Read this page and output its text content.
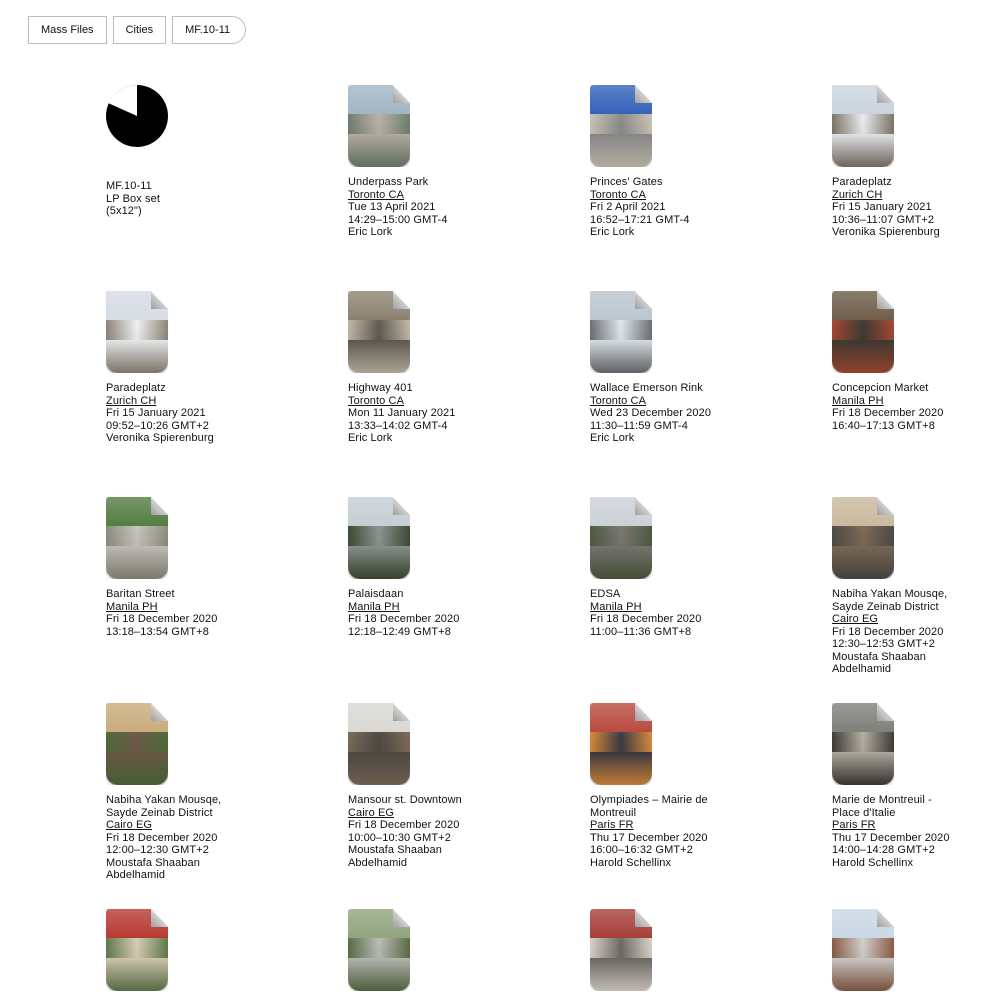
Mass Files	Cities	MF.10-11
MF.10-11
LP Box set
(5x12")
Underpass Park
Toronto CA
Tue 13 April 2021
14:29–15:00 GMT-4
Eric Lork
Princes' Gates
Toronto CA
Fri 2 April 2021
16:52–17:21 GMT-4
Eric Lork
Paradeplatz
Zurich CH
Fri 15 January 2021
10:36–11:07 GMT+2
Veronika Spierenburg
Paradeplatz
Zurich CH
Fri 15 January 2021
09:52–10:26 GMT+2
Veronika Spierenburg
Highway 401
Toronto CA
Mon 11 January 2021
13:33–14:02 GMT-4
Eric Lork
Wallace Emerson Rink
Toronto CA
Wed 23 December 2020
11:30–11:59 GMT-4
Eric Lork
Concepcion Market
Manila PH
Fri 18 December 2020
16:40–17:13 GMT+8
Baritan Street
Manila PH
Fri 18 December 2020
13:18–13:54 GMT+8
Palaisdaan
Manila PH
Fri 18 December 2020
12:18–12:49 GMT+8
EDSA
Manila PH
Fri 18 December 2020
11:00–11:36 GMT+8
Nabiha Yakan Mousqe,
Sayde Zeinab District
Cairo EG
Fri 18 December 2020
12:30–12:53 GMT+2
Moustafa Shaaban
Abdelhamid
Nabiha Yakan Mousqe,
Sayde Zeinab District
Cairo EG
Fri 18 December 2020
12:00–12:30 GMT+2
Moustafa Shaaban
Abdelhamid
Mansour st. Downtown
Cairo EG
Fri 18 December 2020
10:00–10:30 GMT+2
Moustafa Shaaban
Abdelhamid
Olympiades – Mairie de
Montreuil
Paris FR
Thu 17 December 2020
16:00–16:32 GMT+2
Harold Schellinx
Marie de Montreuil -
Place d'Italie
Paris FR
Thu 17 December 2020
14:00–14:28 GMT+2
Harold Schellinx
